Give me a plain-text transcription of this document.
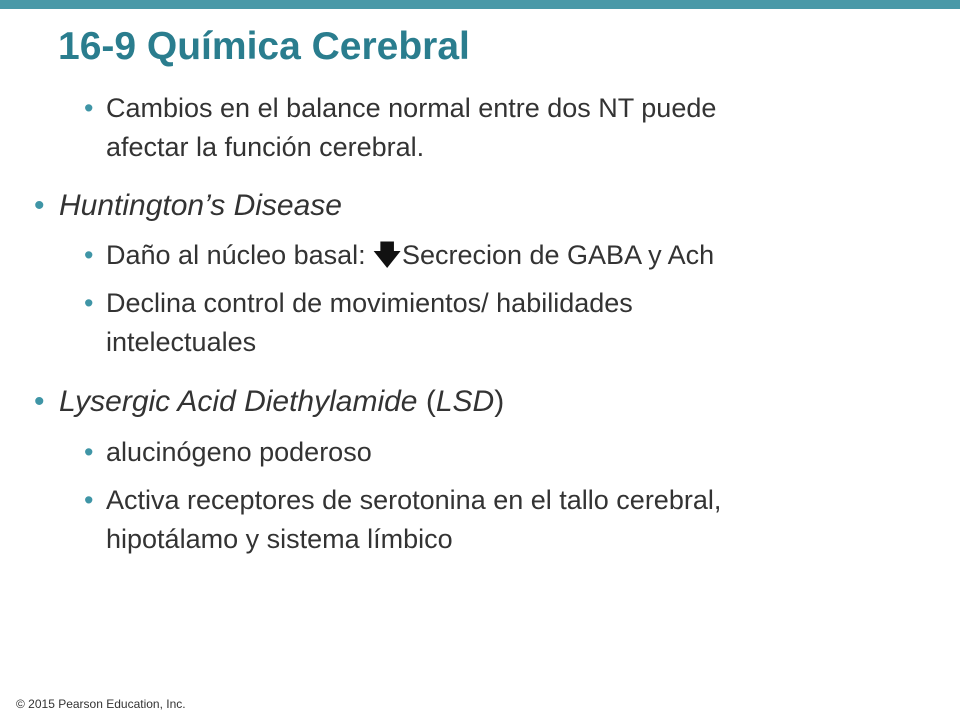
16-9 Química Cerebral
• Cambios en el balance normal entre dos NT puede
afectar la función cerebral.
• Huntington’s Disease
• Daño al núcleo basal: 🡇Secrecion de GABA y Ach
• Declina control de movimientos/ habilidades
intelectuales
• Lysergic Acid Diethylamide (LSD)
• alucinógeno poderoso
• Activa receptores de serotonina en el tallo cerebral,
hipotálamo y sistema límbico
© 2015 Pearson Education, Inc.
